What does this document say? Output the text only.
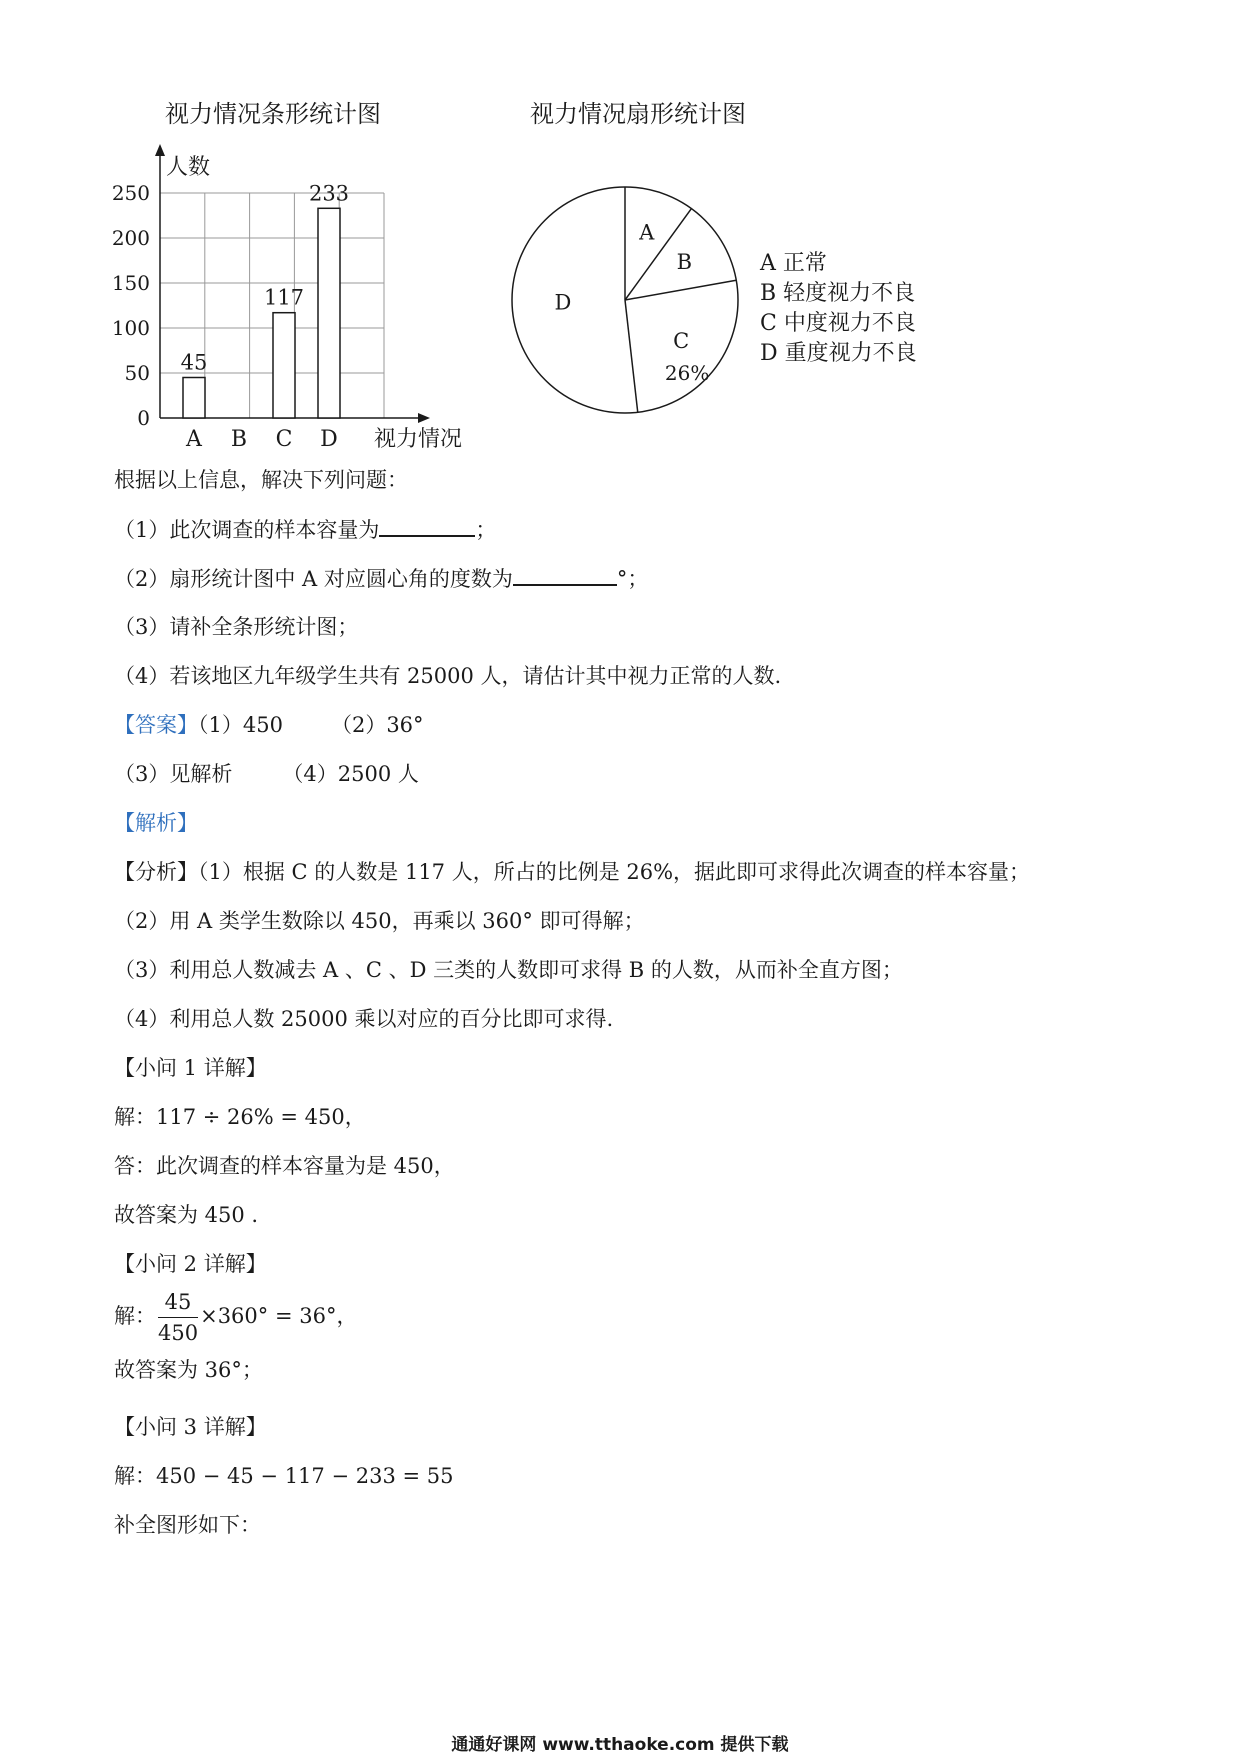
视力情况条形统计图	视力情况扇形统计图
0
50
100
150
200
250
A
45
B C
117
D
233
人数
视力情况
A
B
C
26%
D
A 正常
B 轻度视力不良
C 中度视力不良
D 重度视力不良
根据以上信息，解决下列问题：
（1）此次调查的样本容量为	；
（2）扇形统计图中 A 对应圆心角的度数为	°；
（3）请补全条形统计图；
（4）若该地区九年级学生共有 25000 人，请估计其中视力正常的人数.
【答案】（1）450 （2）36°
（3）见解析 （4）2500 人
【解析】
【分析】（1）根据 C 的人数是 117 人，所占的比例是 26%，据此即可求得此次调查的样本容量；
（2）用 A 类学生数除以 450，再乘以 360° 即可得解；
（3）利用总人数减去 A 、C 、D 三类的人数即可求得 B 的人数，从而补全直方图；
（4）利用总人数 25000 乘以对应的百分比即可求得.
【小问 1 详解】
解：117 ÷ 26% = 450，
答：此次调查的样本容量为是 450，
故答案为 450 .
【小问 2 详解】
解： $\frac{45}{450} \times 360^\circ = 36^\circ$，
故答案为 36°；
【小问 3 详解】
解：450 − 45 − 117 − 233 = 55
补全图形如下：
通通好课网 www.tthaoke.com 提供下载
